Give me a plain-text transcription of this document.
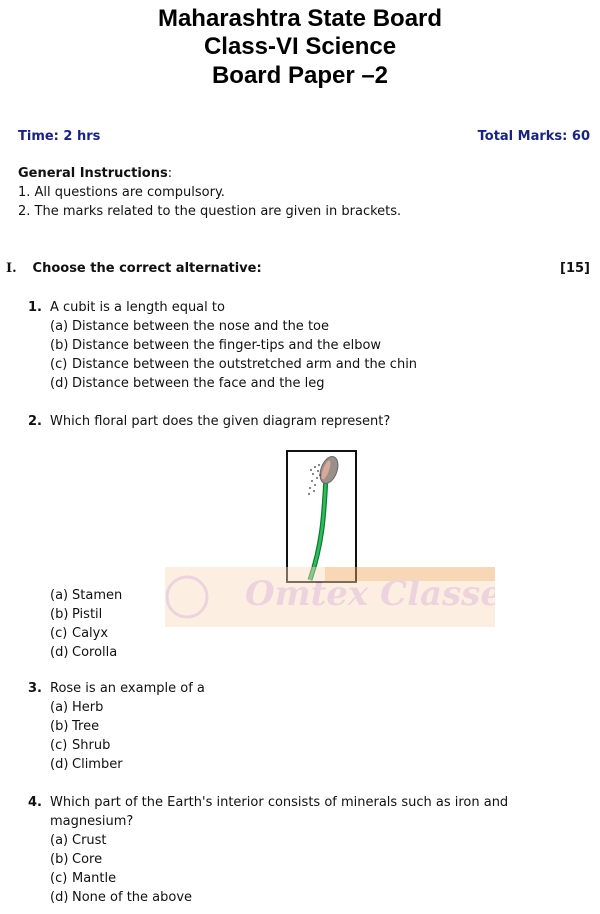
Maharashtra State Board
Class-VI Science
Board Paper –2
Time: 2 hrs	Total Marks: 60
General Instructions:
1. All questions are compulsory.
2. The marks related to the question are given in brackets.
I. Choose the correct alternative:	[15]
1. A cubit is a length equal to
(a) Distance between the nose and the toe
(b) Distance between the finger-tips and the elbow
(c) Distance between the outstretched arm and the chin
(d) Distance between the face and the leg
2. Which floral part does the given diagram represent?
Omtex Classes
(a) Stamen
(b) Pistil
(c) Calyx
(d) Corolla
3. Rose is an example of a
(a) Herb
(b) Tree
(c) Shrub
(d) Climber
4. Which part of the Earth's interior consists of minerals such as iron and magnesium?
(a) Crust
(b) Core
(c) Mantle
(d) None of the above
